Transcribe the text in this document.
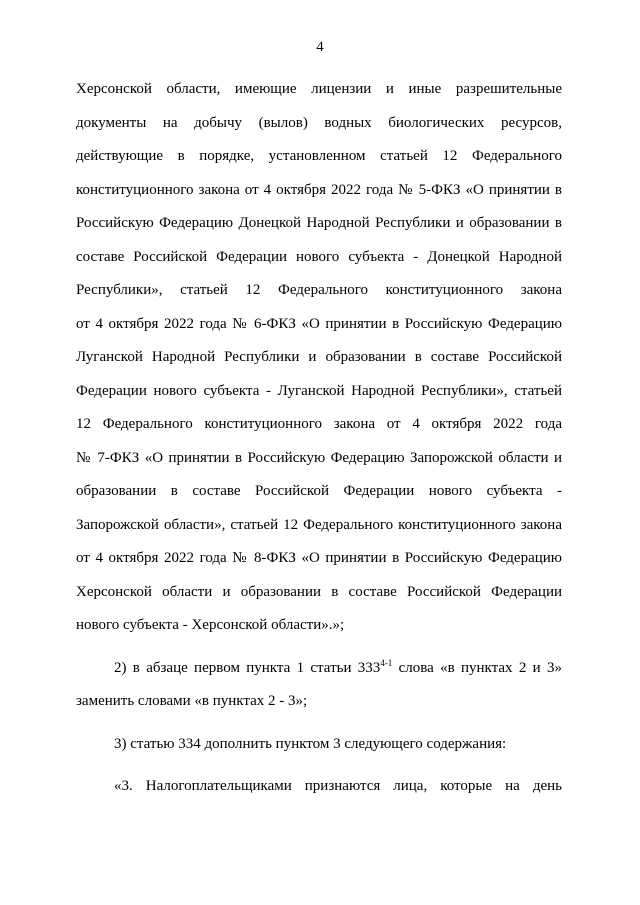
4
Херсонской области, имеющие лицензии и иные разрешительные
документы на добычу (вылов) водных биологических ресурсов,
действующие в порядке, установленном статьей 12 Федерального
конституционного закона от 4 октября 2022 года № 5-ФКЗ «О принятии в
Российскую Федерацию Донецкой Народной Республики и образовании в
составе Российской Федерации нового субъекта - Донецкой Народной
Республики», статьей 12 Федерального конституционного закона
от 4 октября 2022 года № 6-ФКЗ «О принятии в Российскую Федерацию
Луганской Народной Республики и образовании в составе Российской
Федерации нового субъекта - Луганской Народной Республики», статьей
12 Федерального конституционного закона от 4 октября 2022 года
№ 7-ФКЗ «О принятии в Российскую Федерацию Запорожской области и
образовании в составе Российской Федерации нового субъекта -
Запорожской области», статьей 12 Федерального конституционного закона
от 4 октября 2022 года № 8-ФКЗ «О принятии в Российскую Федерацию
Херсонской области и образовании в составе Российской Федерации
нового субъекта - Херсонской области».»;
2) в абзаце первом пункта 1 статьи 333$^{4-1}$ слова «в пунктах 2 и 3»
заменить словами «в пунктах 2 - 3»;
3) статью 334 дополнить пунктом 3 следующего содержания:
«3. Налогоплательщиками признаются лица, которые на день
